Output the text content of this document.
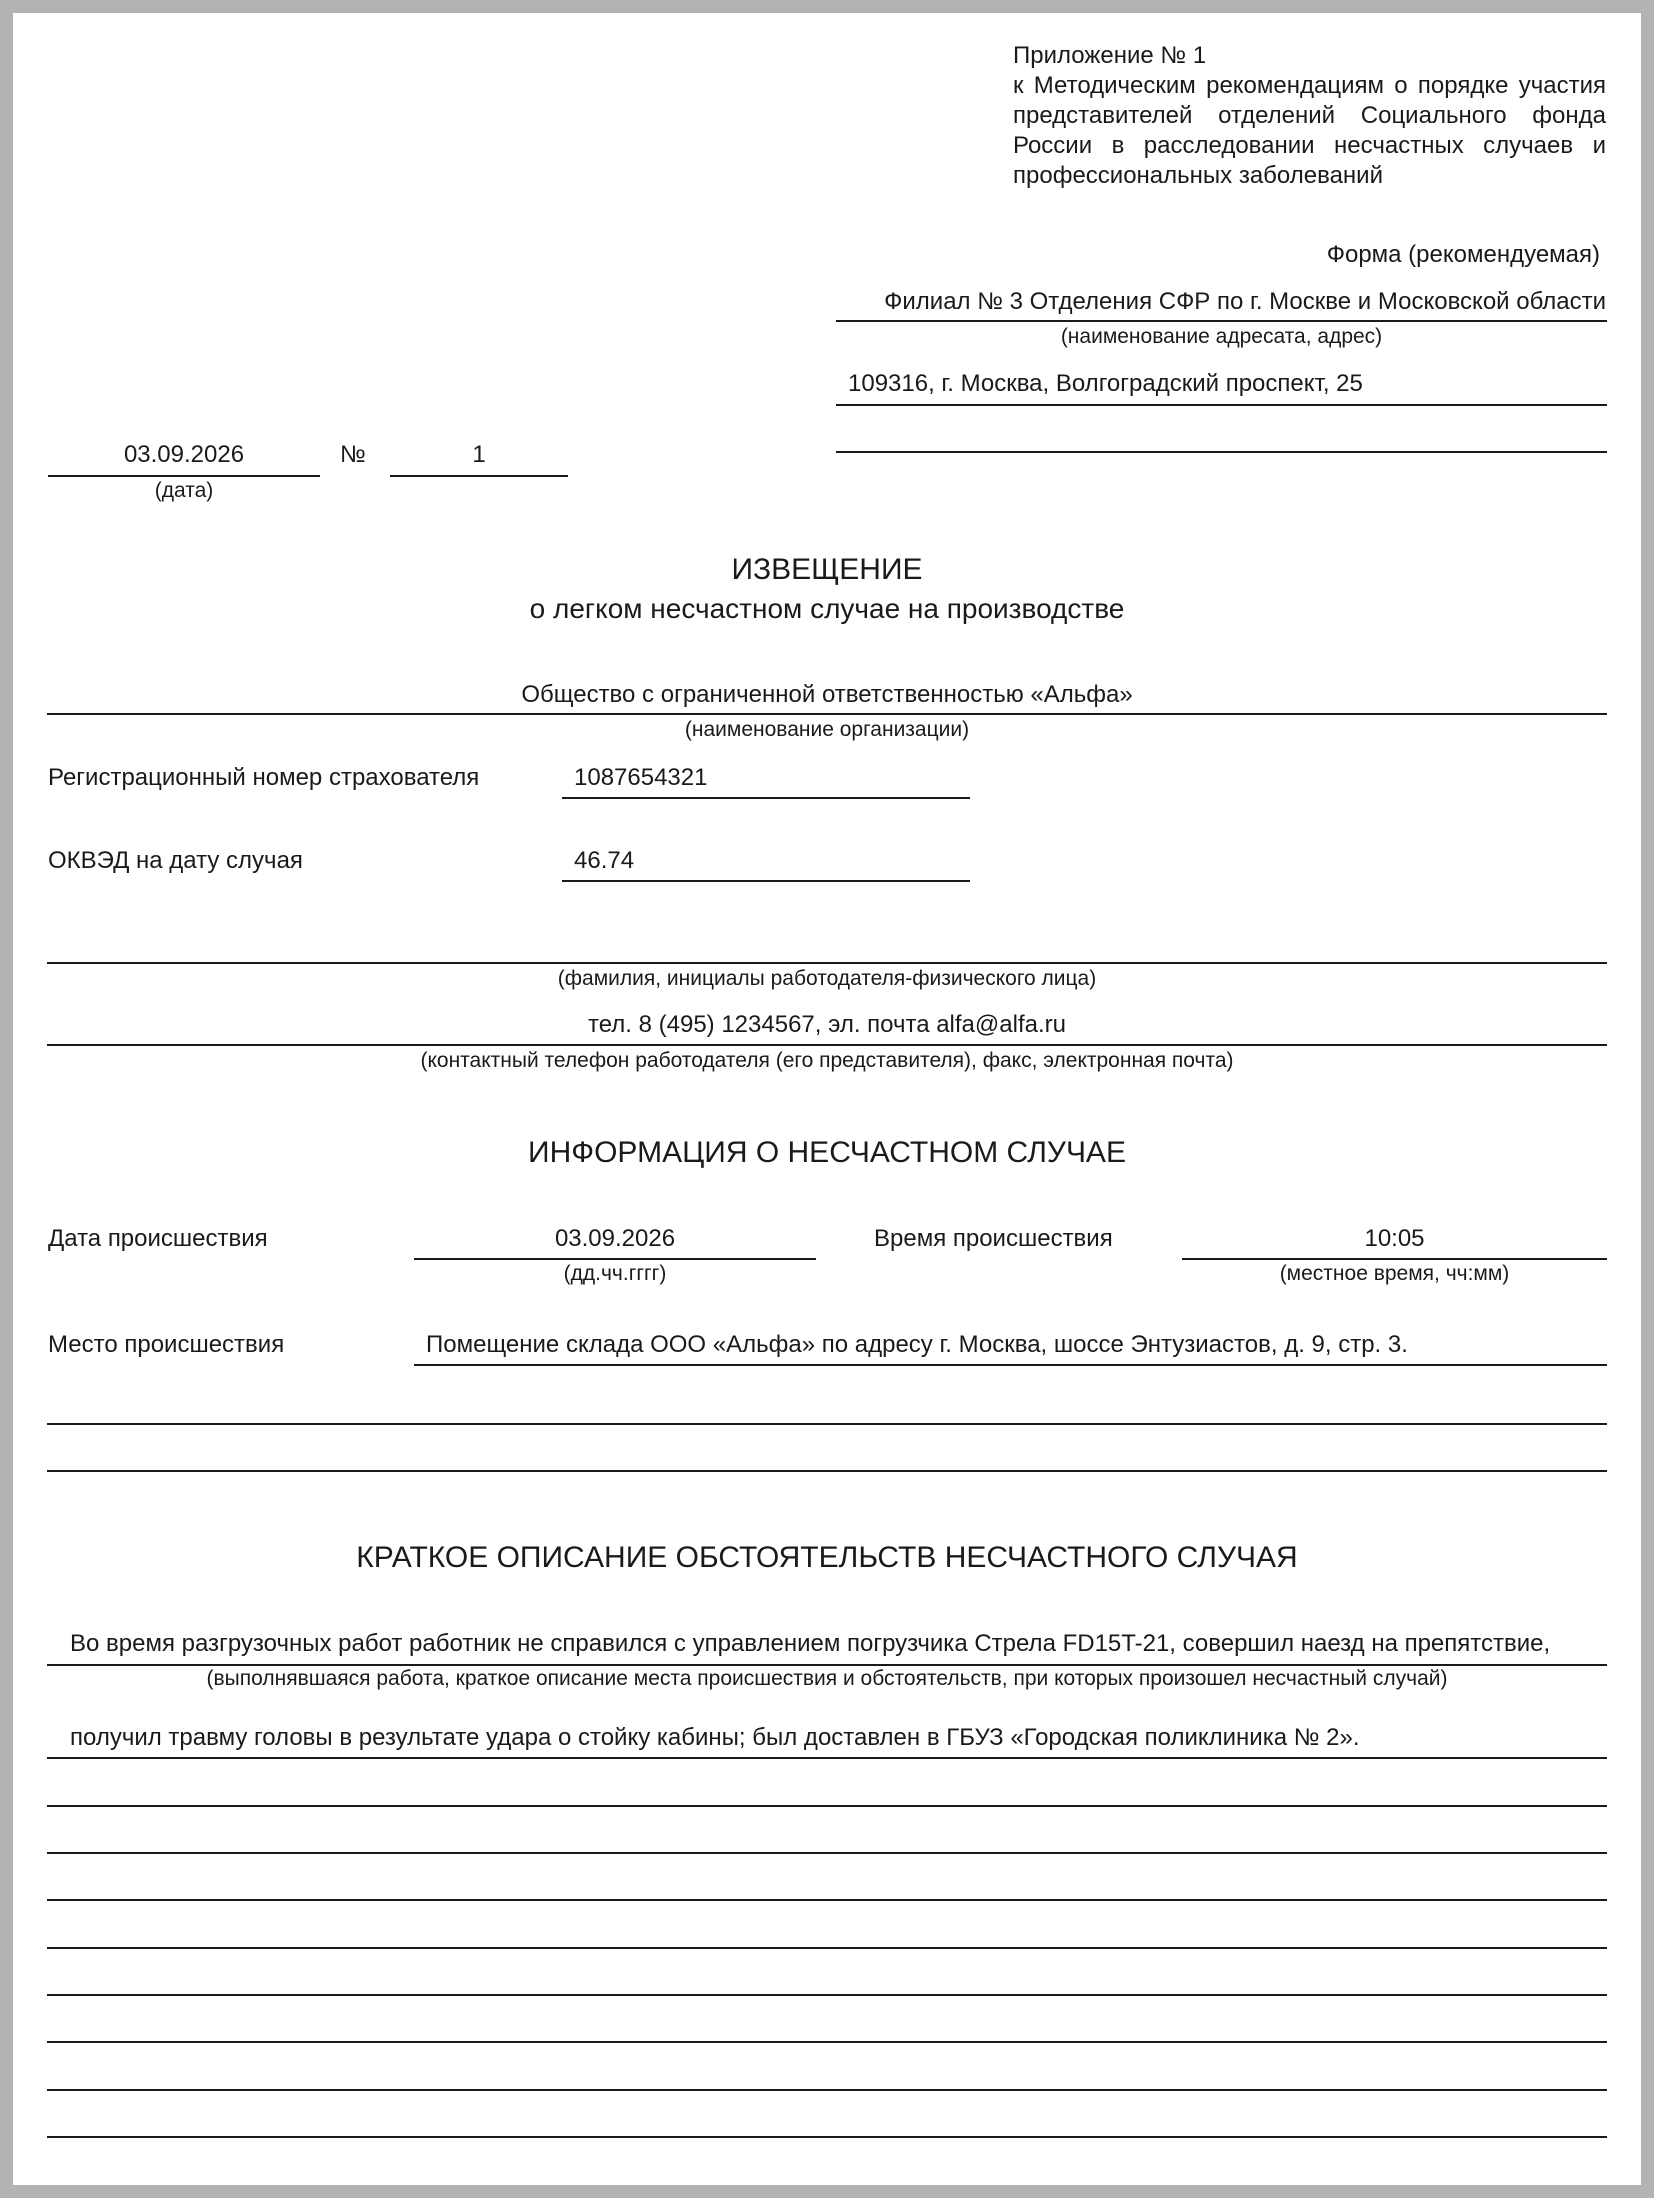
Приложение № 1
к Методическим рекомендациям о порядке участия
представителей отделений Социального фонда
России в расследовании несчастных случаев и
профессиональных заболеваний
Форма (рекомендуемая)
Филиал № 3 Отделения СФР по г. Москве и Московской области
(наименование адресата, адрес)
109316, г. Москва, Волгоградский проспект, 25
03.09.2026
(дата)
№	1
ИЗВЕЩЕНИЕ
о легком несчастном случае на производстве
Общество с ограниченной ответственностью «Альфа»
(наименование организации)
Регистрационный номер страхователя	1087654321
ОКВЭД на дату случая	46.74
(фамилия, инициалы работодателя-физического лица)
тел. 8 (495) 1234567, эл. почта alfa@alfa.ru
(контактный телефон работодателя (его представителя), факс, электронная почта)
ИНФОРМАЦИЯ О НЕСЧАСТНОМ СЛУЧАЕ
Дата происшествия	03.09.2026
(дд.чч.гггг)
Время происшествия	10:05
(местное время, чч:мм)
Место происшествия	Помещение склада ООО «Альфа» по адресу г. Москва, шоссе Энтузиастов, д. 9, стр. 3.
КРАТКОЕ ОПИСАНИЕ ОБСТОЯТЕЛЬСТВ НЕСЧАСТНОГО СЛУЧАЯ
Во время разгрузочных работ работник не справился с управлением погрузчика Стрела FD15T-21, совершил наезд на препятствие,
(выполнявшаяся работа, краткое описание места происшествия и обстоятельств, при которых произошел несчастный случай)
получил травму головы в результате удара о стойку кабины; был доставлен в ГБУЗ «Городская поликлиника № 2».
